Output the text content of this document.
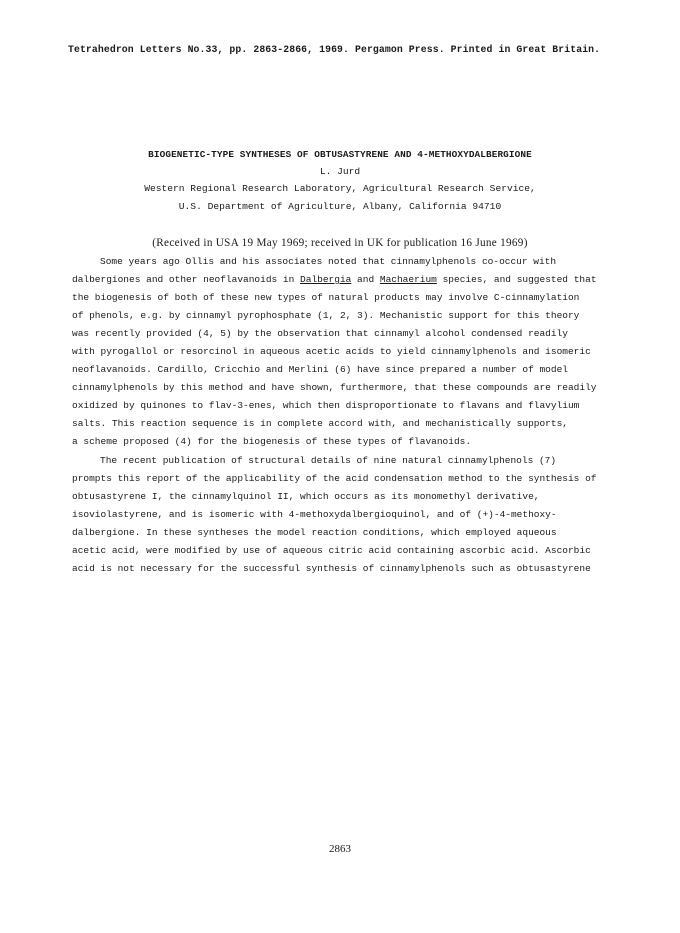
Tetrahedron Letters No.33, pp. 2863-2866, 1969. Pergamon Press. Printed in Great Britain.
BIOGENETIC-TYPE SYNTHESES OF OBTUSASTYRENE AND 4-METHOXYDALBERGIONE
L. Jurd
Western Regional Research Laboratory, Agricultural Research Service,
U.S. Department of Agriculture, Albany, California 94710
(Received in USA 19 May 1969; received in UK for publication 16 June 1969)
Some years ago Ollis and his associates noted that cinnamylphenols co-occur with
dalbergiones and other neoflavanoids in Dalbergia and Machaerium species, and suggested that
the biogenesis of both of these new types of natural products may involve C-cinnamylation
of phenols, e.g. by cinnamyl pyrophosphate (1, 2, 3). Mechanistic support for this theory
was recently provided (4, 5) by the observation that cinnamyl alcohol condensed readily
with pyrogallol or resorcinol in aqueous acetic acids to yield cinnamylphenols and isomeric
neoflavanoids. Cardillo, Cricchio and Merlini (6) have since prepared a number of model
cinnamylphenols by this method and have shown, furthermore, that these compounds are readily
oxidized by quinones to flav-3-enes, which then disproportionate to flavans and flavylium
salts. This reaction sequence is in complete accord with, and mechanistically supports,
a scheme proposed (4) for the biogenesis of these types of flavanoids.
The recent publication of structural details of nine natural cinnamylphenols (7)
prompts this report of the applicability of the acid condensation method to the synthesis of
obtusastyrene I, the cinnamylquinol II, which occurs as its monomethyl derivative,
isoviolastyrene, and is isomeric with 4-methoxydalbergioquinol, and of (+)-4-methoxy-
dalbergione. In these syntheses the model reaction conditions, which employed aqueous
acetic acid, were modified by use of aqueous citric acid containing ascorbic acid. Ascorbic
acid is not necessary for the successful synthesis of cinnamylphenols such as obtusastyrene
2863
